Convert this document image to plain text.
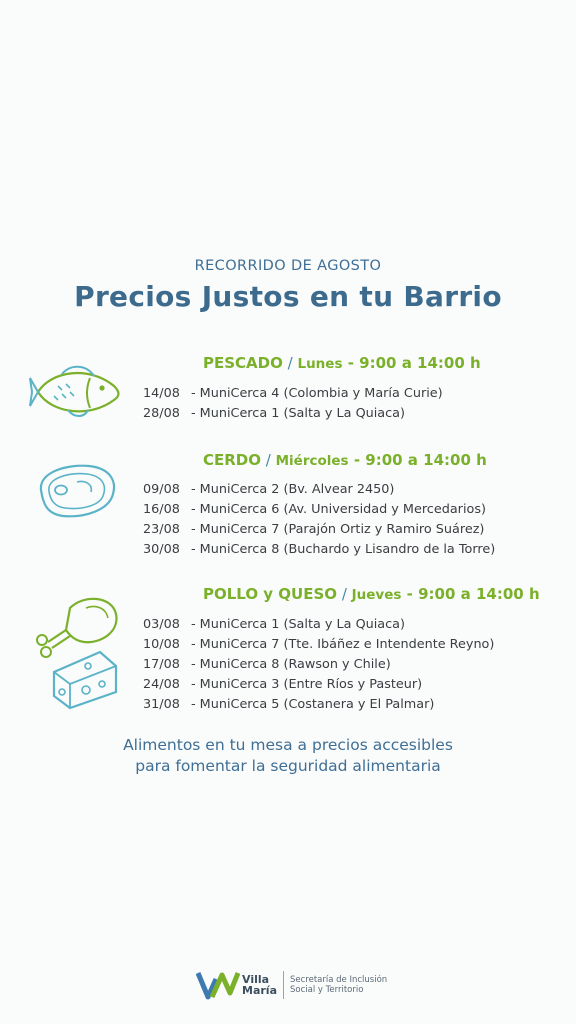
RECORRIDO DE AGOSTO
Precios Justos en tu Barrio
PESCADO / Lunes - 9:00 a 14:00 h
14/08 - MuniCerca 4 (Colombia y María Curie)
28/08 - MuniCerca 1 (Salta y La Quiaca)
CERDO / Miércoles - 9:00 a 14:00 h
09/08 - MuniCerca 2 (Bv. Alvear 2450)
16/08 - MuniCerca 6 (Av. Universidad y Mercedarios)
23/08 - MuniCerca 7 (Parajón Ortiz y Ramiro Suárez)
30/08 - MuniCerca 8 (Buchardo y Lisandro de la Torre)
POLLO y QUESO / Jueves - 9:00 a 14:00 h
03/08 - MuniCerca 1 (Salta y La Quiaca)
10/08 - MuniCerca 7 (Tte. Ibáñez e Intendente Reyno)
17/08 - MuniCerca 8 (Rawson y Chile)
24/08 - MuniCerca 3 (Entre Ríos y Pasteur)
31/08 - MuniCerca 5 (Costanera y El Palmar)
Alimentos en tu mesa a precios accesibles
para fomentar la seguridad alimentaria
Villa
María
Secretaría de Inclusión
Social y Territorio
